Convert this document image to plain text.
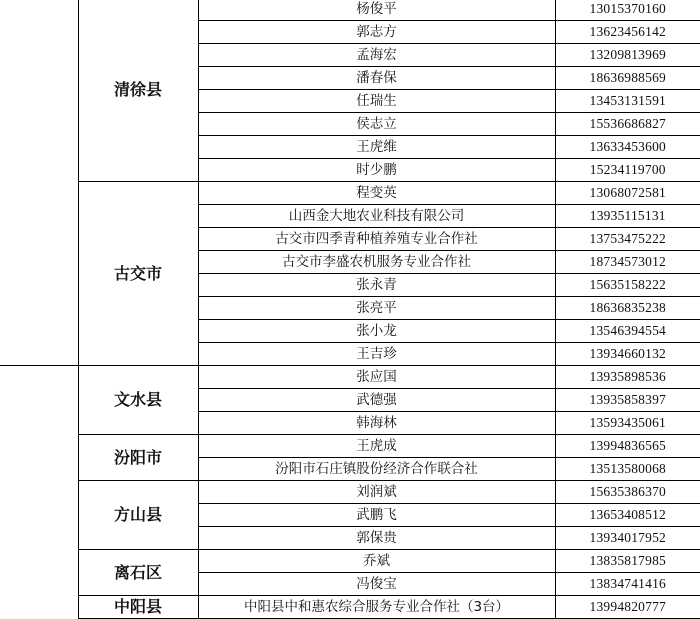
	清徐县	杨俊平	13015370160
		郭志方	13623456142
		孟海宏	13209813969
		潘春保	18636988569
		任瑞生	13453131591
		侯志立	15536686827
		王虎维	13633453600
		时少鹏	15234119700
	古交市	程变英	13068072581
		山西金大地农业科技有限公司	13935115131
		古交市四季青种植养殖专业合作社	13753475222
		古交市李盛农机服务专业合作社	18734573012
		张永青	15635158222
		张亮平	18636835238
		张小龙	13546394554
		王吉珍	13934660132
	文水县	张应国	13935898536
		武德强	13935858397
		韩海林	13593435061
	汾阳市	王虎成	13994836565
		汾阳市石庄镇股份经济合作联合社	13513580068
	方山县	刘润斌	15635386370
		武鹏飞	13653408512
		郭保贵	13934017952
	离石区	乔斌	13835817985
		冯俊宝	13834741416
	中阳县	中阳县中和惠农综合服务专业合作社（3台）	13994820777
